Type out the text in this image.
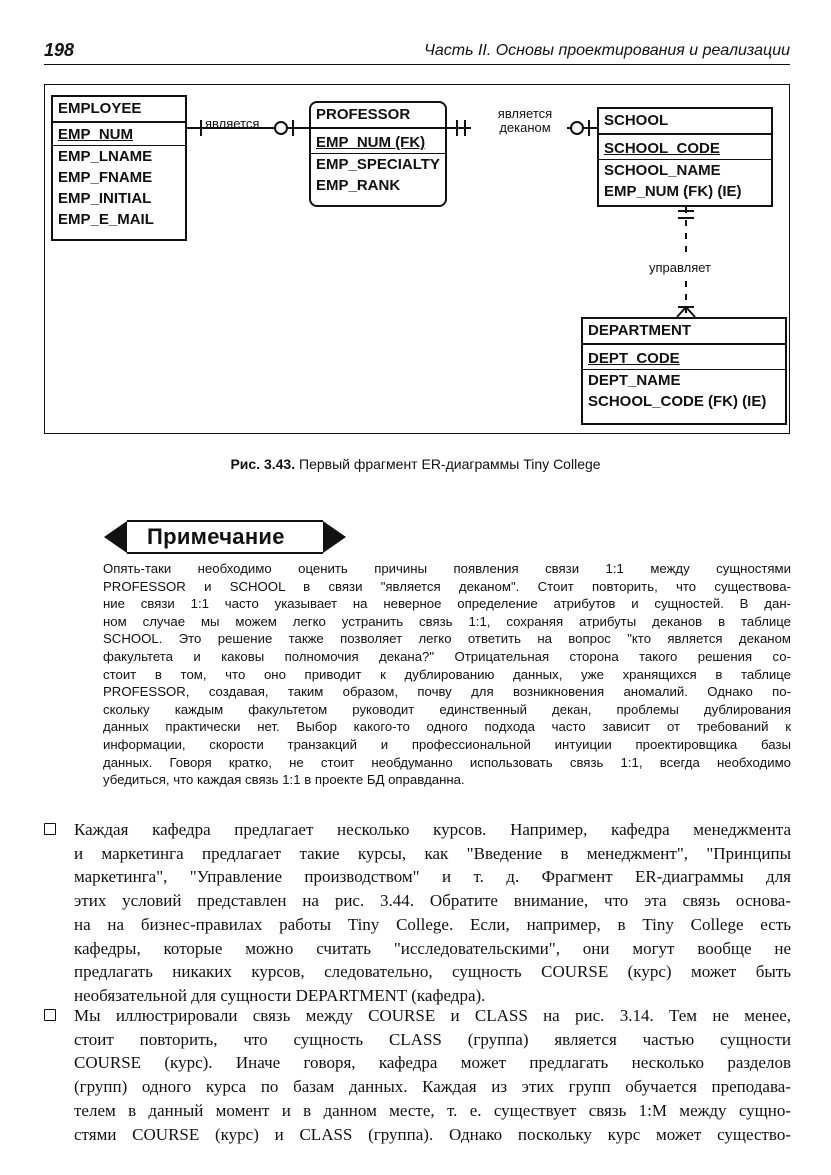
198	Часть II. Основы проектирования и реализации
EMPLOYEE
EMP_NUM
EMP_LNAME
EMP_FNAME
EMP_INITIAL
EMP_E_MAIL
PROFESSOR
EMP_NUM (FK)
EMP_SPECIALTY
EMP_RANK
SCHOOL
SCHOOL_CODE
SCHOOL_NAME
EMP_NUM (FK) (IE)
DEPARTMENT
DEPT_CODE
DEPT_NAME
SCHOOL_CODE (FK) (IE)
является
является
деканом
управляет
Рис. 3.43. Первый фрагмент ER-диаграммы Tiny College
Примечание
Опять-таки необходимо оценить причины появления связи 1:1 между сущностями
PROFESSOR и SCHOOL в связи "является деканом". Стоит повторить, что существова-
ние связи 1:1 часто указывает на неверное определение атрибутов и сущностей. В дан-
ном случае мы можем легко устранить связь 1:1, сохраняя атрибуты деканов в таблице
SCHOOL. Это решение также позволяет легко ответить на вопрос "кто является деканом
факультета и каковы полномочия декана?" Отрицательная сторона такого решения со-
стоит в том, что оно приводит к дублированию данных, уже хранящихся в таблице
PROFESSOR, создавая, таким образом, почву для возникновения аномалий. Однако по-
скольку каждым факультетом руководит единственный декан, проблемы дублирования
данных практически нет. Выбор какого-то одного подхода часто зависит от требований к
информации, скорости транзакций и профессиональной интуиции проектировщика базы
данных. Говоря кратко, не стоит необдуманно использовать связь 1:1, всегда необходимо
убедиться, что каждая связь 1:1 в проекте БД оправданна.
Каждая кафедра предлагает несколько курсов. Например, кафедра менеджмента
и маркетинга предлагает такие курсы, как "Введение в менеджмент", "Принципы
маркетинга", "Управление производством" и т. д. Фрагмент ER-диаграммы для
этих условий представлен на рис. 3.44. Обратите внимание, что эта связь основа-
на на бизнес-правилах работы Tiny College. Если, например, в Tiny College есть
кафедры, которые можно считать "исследовательскими", они могут вообще не
предлагать никаких курсов, следовательно, сущность COURSE (курс) может быть
необязательной для сущности DEPARTMENT (кафедра).
Мы иллюстрировали связь между COURSE и CLASS на рис. 3.14. Тем не менее,
стоит повторить, что сущность CLASS (группа) является частью сущности
COURSE (курс). Иначе говоря, кафедра может предлагать несколько разделов
(групп) одного курса по базам данных. Каждая из этих групп обучается преподава-
телем в данный момент и в данном месте, т. е. существует связь 1:М между сущно-
стями COURSE (курс) и CLASS (группа). Однако поскольку курс может существо-
